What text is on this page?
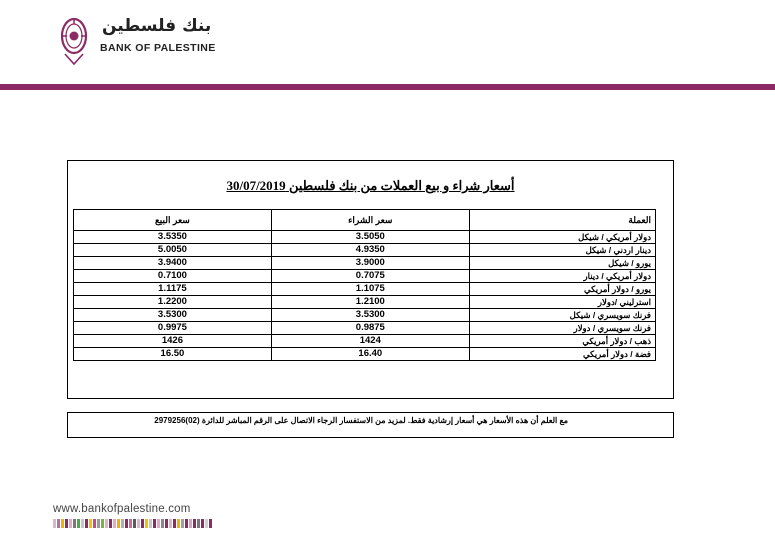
بنك فلسطين
BANK OF PALESTINE
أسعار شراء و بيع العملات من بنك فلسطين 30/07/2019
سعر البيع	سعر الشراء	العملة
3.5350	3.5050	دولار أمريكي / شيكل
5.0050	4.9350	دينار اردني / شيكل
3.9400	3.9000	يورو / شيكل
0.7100	0.7075	دولار أمريكي / دينار
1.1175	1.1075	يورو / دولار أمريكي
1.2200	1.2100	استرليني /دولار
3.5300	3.5300	فرنك سويسري / شيكل
0.9975	0.9875	فرنك سويسري / دولار
1426	1424	ذهب / دولار أمريكي
16.50	16.40	فضة / دولار أمريكي
مع العلم أن هذه الأسعار هي أسعار إرشادية فقط. لمزيد من الاستفسار الرجاء الاتصال على الرقم المباشر للدائرة (02)2979256
www.bankofpalestine.com
